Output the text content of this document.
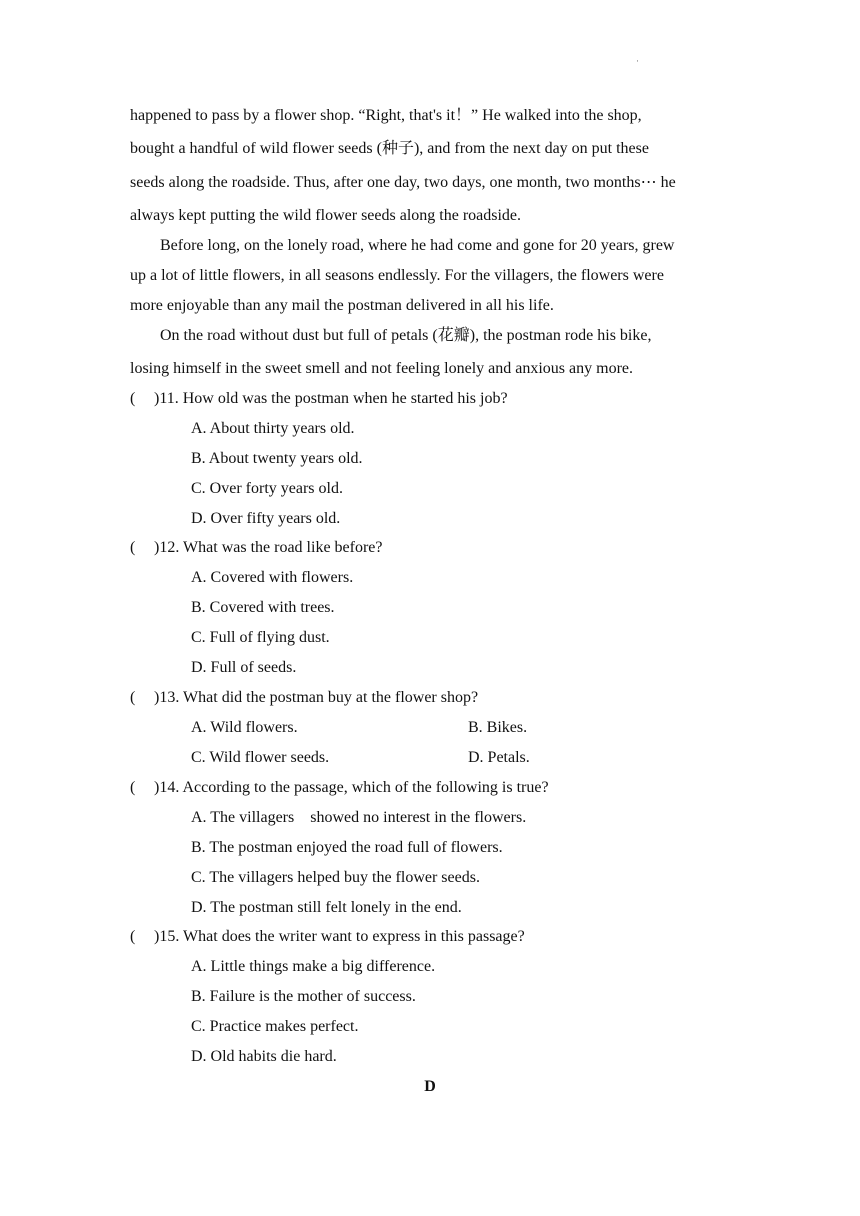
·
happened to pass by a flower shop. “Right, that's it！” He walked into the shop,
bought a handful of wild flower seeds (种子), and from the next day on put these
seeds along the roadside. Thus, after one day, two days, one month, two months⋯ he
always kept putting the wild flower seeds along the roadside.
Before long, on the lonely road, where he had come and gone for 20 years, grew
up a lot of little flowers, in all seasons endlessly. For the villagers, the flowers were
more enjoyable than any mail the postman delivered in all his life.
On the road without dust but full of petals (花瓣), the postman rode his bike,
losing himself in the sweet smell and not feeling lonely and anxious any more.
( )11. How old was the postman when he started his job?
A. About thirty years old.
B. About twenty years old.
C. Over forty years old.
D. Over fifty years old.
( )12. What was the road like before?
A. Covered with flowers.
B. Covered with trees.
C. Full of flying dust.
D. Full of seeds.
( )13. What did the postman buy at the flower shop?
A. Wild flowers.	B. Bikes.
C. Wild flower seeds.	D. Petals.
( )14. According to the passage, which of the following is true?
A. The villagers    showed no interest in the flowers.
B. The postman enjoyed the road full of flowers.
C. The villagers helped buy the flower seeds.
D. The postman still felt lonely in the end.
( )15. What does the writer want to express in this passage?
A. Little things make a big difference.
B. Failure is the mother of success.
C. Practice makes perfect.
D. Old habits die hard.
D
